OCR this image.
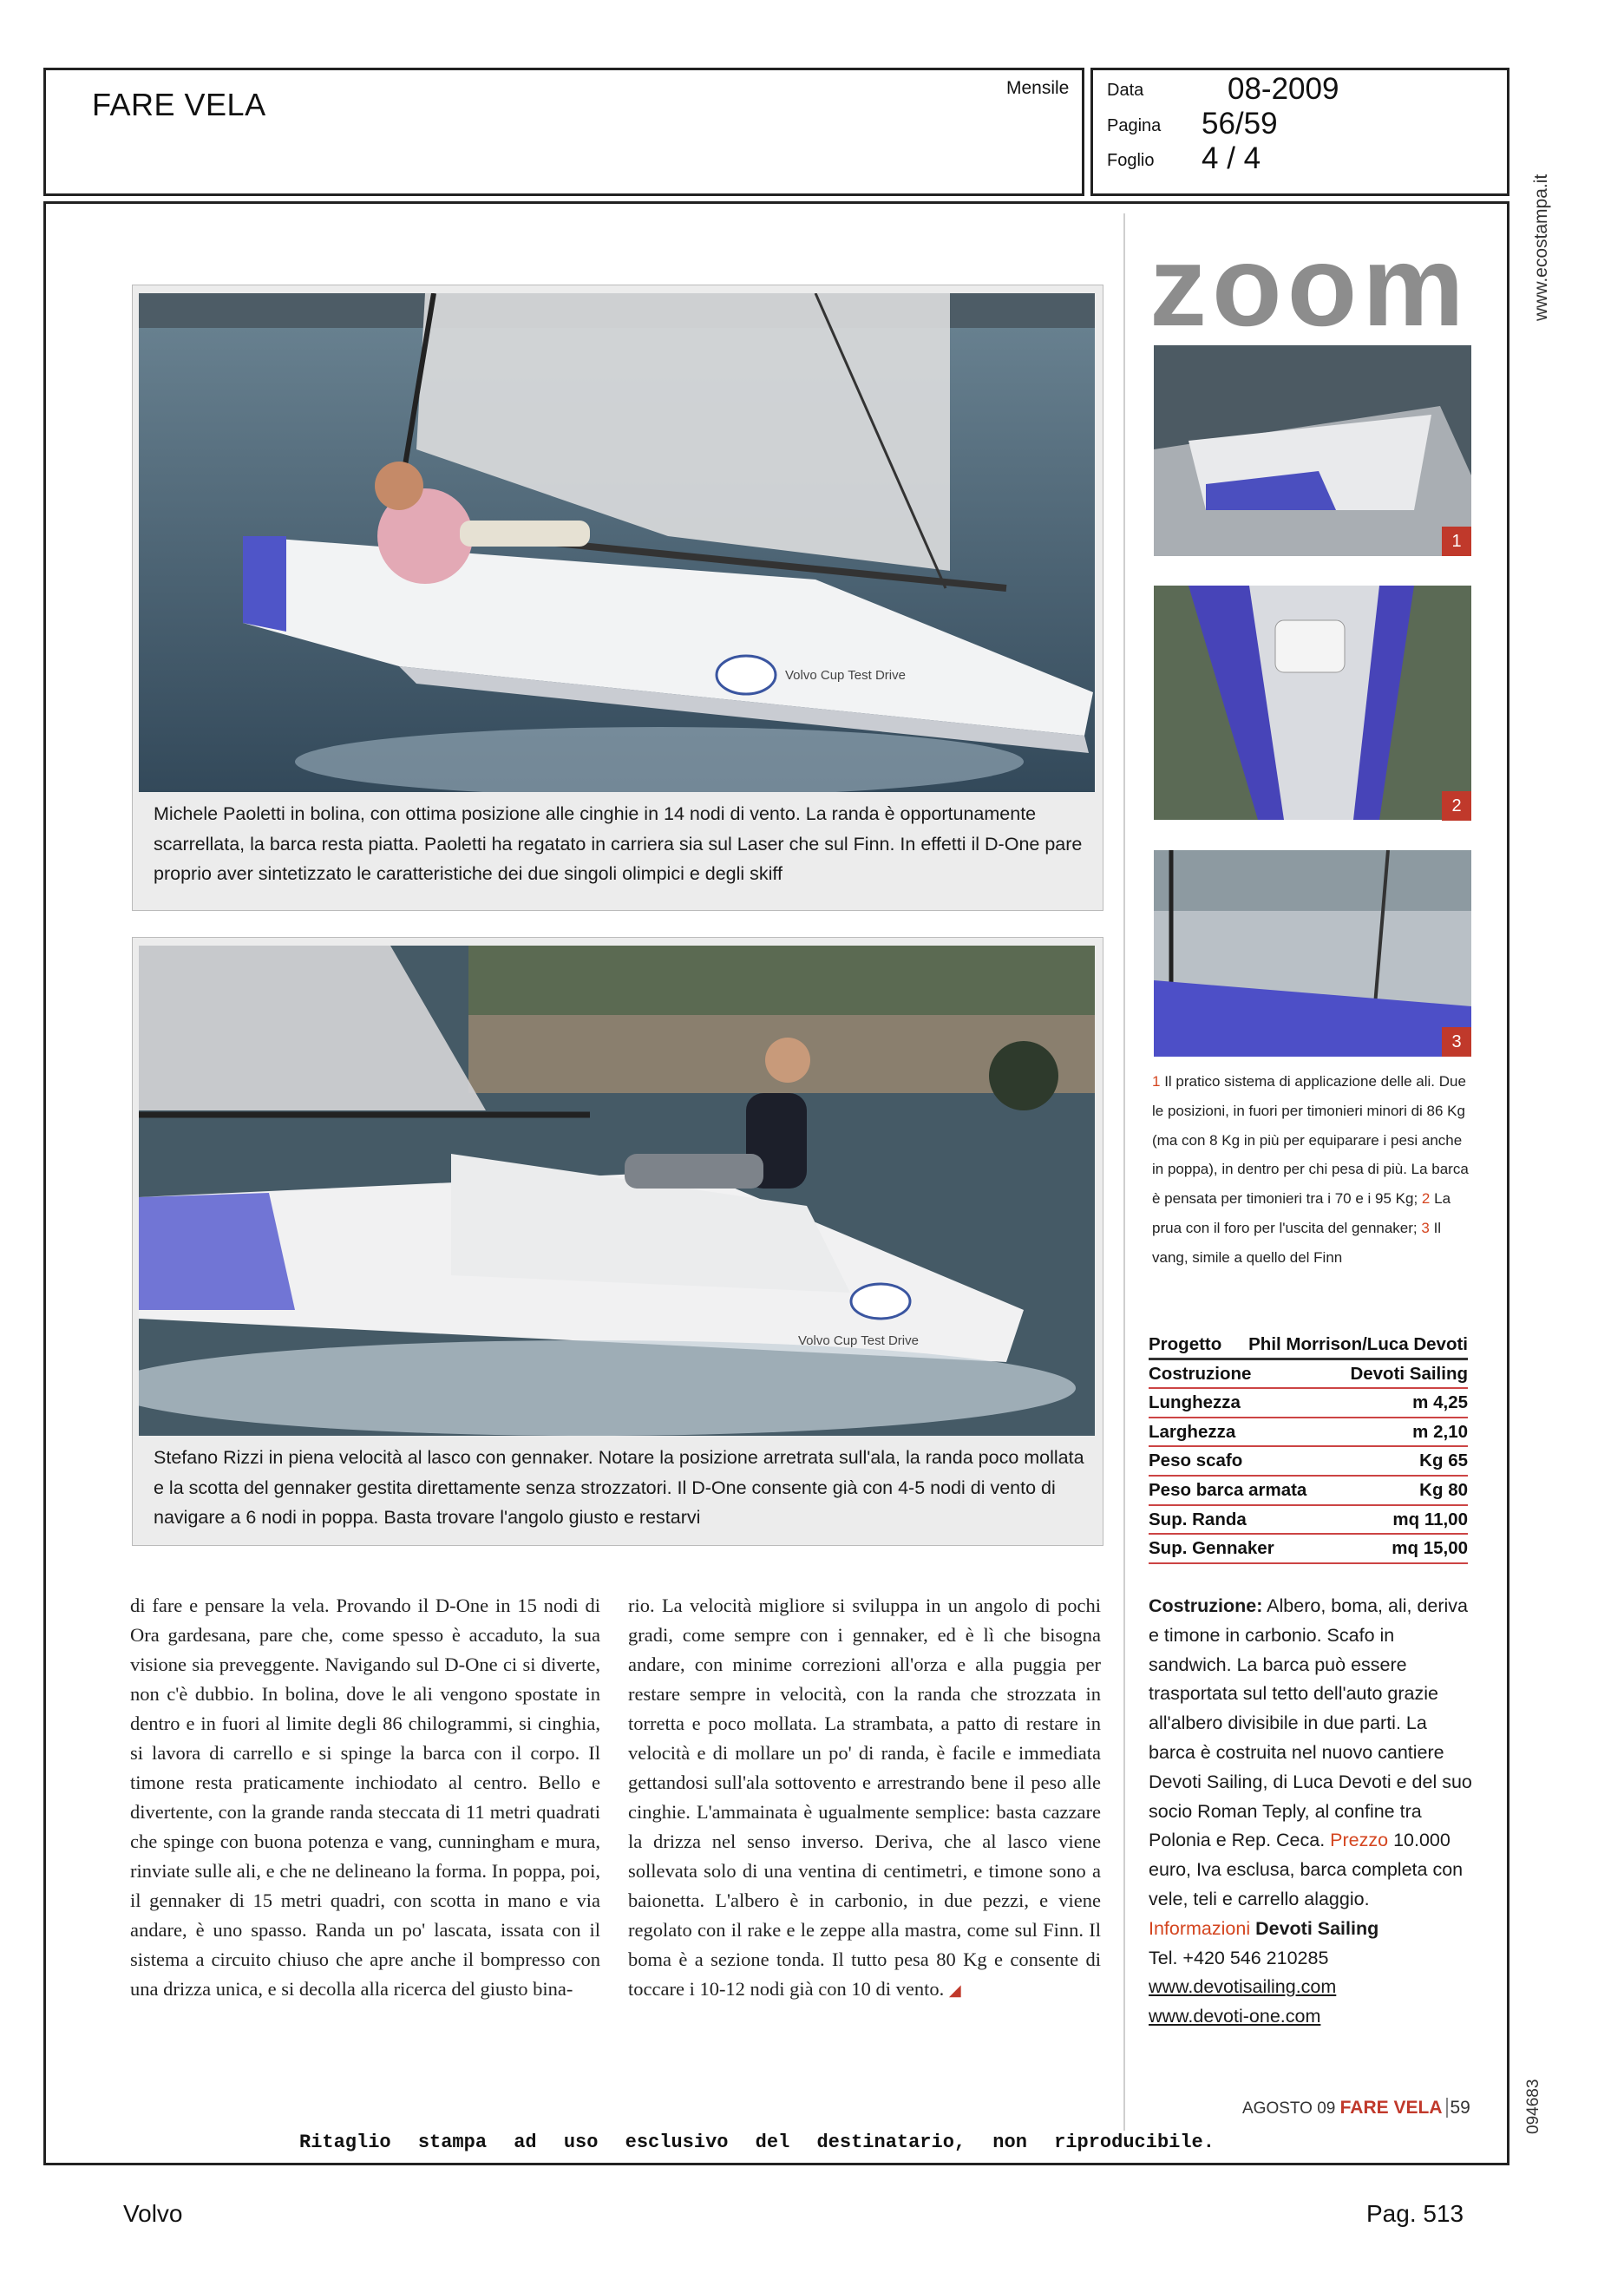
FARE VELA	Mensile Data	08-2009
Pagina 56/59
Foglio 4 / 4
www.ecostampa.it
094683
Volvo Cup Test Drive
Michele Paoletti in bolina, con ottima posizione alle cinghie in 14 nodi di vento. La randa è opportunamente scarrellata, la barca resta piatta. Paoletti ha regatato in carriera sia sul Laser che sul Finn. In effetti il D-One pare proprio aver sintetizzato le caratteristiche dei due singoli olimpici e degli skiff
Volvo Cup Test Drive
Stefano Rizzi in piena velocità al lasco con gennaker. Notare la posizione arretrata sull'ala, la randa poco mollata e la scotta del gennaker gestita direttamente senza strozzatori. Il D-One consente già con 4-5 nodi di vento di navigare a 6 nodi in poppa. Basta trovare l'angolo giusto e restarvi
zoom
1
2
3
1 Il pratico sistema di applicazione delle ali. Due le posizioni, in fuori per timonieri minori di 86 Kg (ma con 8 Kg in più per equiparare i pesi anche in poppa), in dentro per chi pesa di più. La barca è pensata per timonieri tra i 70 e i 95 Kg; 2 La prua con il foro per l'uscita del gennaker; 3 Il vang, simile a quello del Finn
Progetto Phil Morrison/Luca Devoti
Costruzione	Devoti Sailing
Lunghezza	m 4,25
Larghezza	m 2,10
Peso scafo	Kg 65
Peso barca armata	Kg 80
Sup. Randa	mq 11,00
Sup. Gennaker	mq 15,00
Costruzione: Albero, boma, ali, deriva e timone in carbonio. Scafo in sandwich. La barca può essere trasportata sul tetto dell'auto grazie all'albero divisibile in due parti. La barca è costruita nel nuovo cantiere Devoti Sailing, di Luca Devoti e del suo socio Roman Teply, al confine tra Polonia e Rep. Ceca. Prezzo 10.000 euro, Iva esclusa, barca completa con vele, teli e carrello alaggio.
Informazioni Devoti Sailing
Tel. +420 546 210285
www.devotisailing.com
www.devoti-one.com

di fare e pensare la vela. Provando il D-One in 15 nodi di Ora gardesana, pare che, come spesso è accaduto, la sua visione sia preveggente. Navigando sul D-One ci si diverte, non c'è dubbio. In bolina, dove le ali vengono spostate in dentro e in fuori al limite degli 86 chilogrammi, si cinghia, si lavora di carrello e si spinge la barca con il corpo. Il timone resta praticamente inchiodato al centro. Bello e divertente, con la grande randa steccata di 11 metri quadrati che spinge con buona potenza e vang, cunningham e mura, rinviate sulle ali, e che ne delineano la forma. In poppa, poi, il gennaker di 15 metri quadri, con scotta in mano e via andare, è uno spasso. Randa un po' lascata, issata con il sistema a circuito chiuso che apre anche il bompresso con una drizza unica, e si decolla alla ricerca del giusto bina-

rio. La velocità migliore si sviluppa in un angolo di pochi gradi, come sempre con i gennaker, ed è lì che bisogna andare, con minime correzioni all'orza e alla puggia per restare sempre in velocità, con la randa che strozzata in torretta e poco mollata. La strambata, a patto di restare in velocità e di mollare un po' di randa, è facile e immediata gettandosi sull'ala sottovento e arrestrando bene il peso alle cinghie. L'ammainata è ugualmente semplice: basta cazzare la drizza nel senso inverso. Deriva, che al lasco viene sollevata solo di una ventina di centimetri, e timone sono a baionetta. L'albero è in carbonio, in due pezzi, e viene regolato con il rake e le zeppe alla mastra, come sul Finn. Il boma è a sezione tonda. Il tutto pesa 80 Kg e consente di toccare i 10-12 nodi già con 10 di vento. ◢

AGOSTO 09 FARE VELA 59
Ritaglio stampa ad uso esclusivo del destinatario, non riproducibile.
Volvo	Pag. 513
